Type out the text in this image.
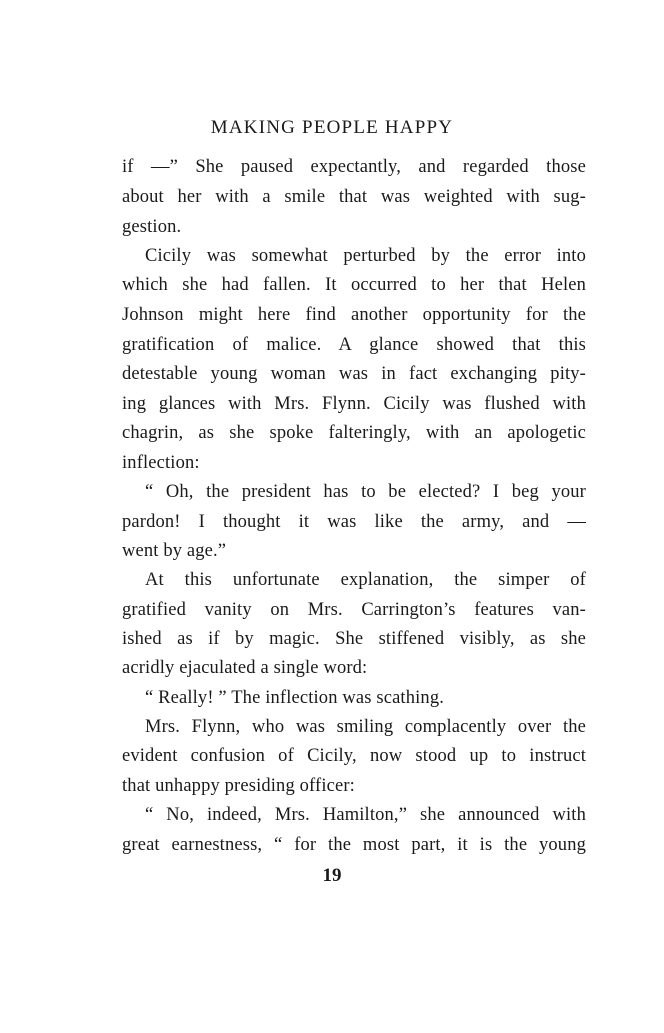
MAKING PEOPLE HAPPY
if —” She paused expectantly, and regarded those
about her with a smile that was weighted with sug-
gestion.
Cicily was somewhat perturbed by the error into
which she had fallen. It occurred to her that Helen
Johnson might here find another opportunity for the
gratification of malice. A glance showed that this
detestable young woman was in fact exchanging pity-
ing glances with Mrs. Flynn. Cicily was flushed with
chagrin, as she spoke falteringly, with an apologetic
inflection:
“ Oh, the president has to be elected? I beg your
pardon! I thought it was like the army, and —
went by age.”
At this unfortunate explanation, the simper of
gratified vanity on Mrs. Carrington’s features van-
ished as if by magic. She stiffened visibly, as she
acridly ejaculated a single word:
“ Really! ” The inflection was scathing.
Mrs. Flynn, who was smiling complacently over the
evident confusion of Cicily, now stood up to instruct
that unhappy presiding officer:
“ No, indeed, Mrs. Hamilton,” she announced with
great earnestness, “ for the most part, it is the young
19
